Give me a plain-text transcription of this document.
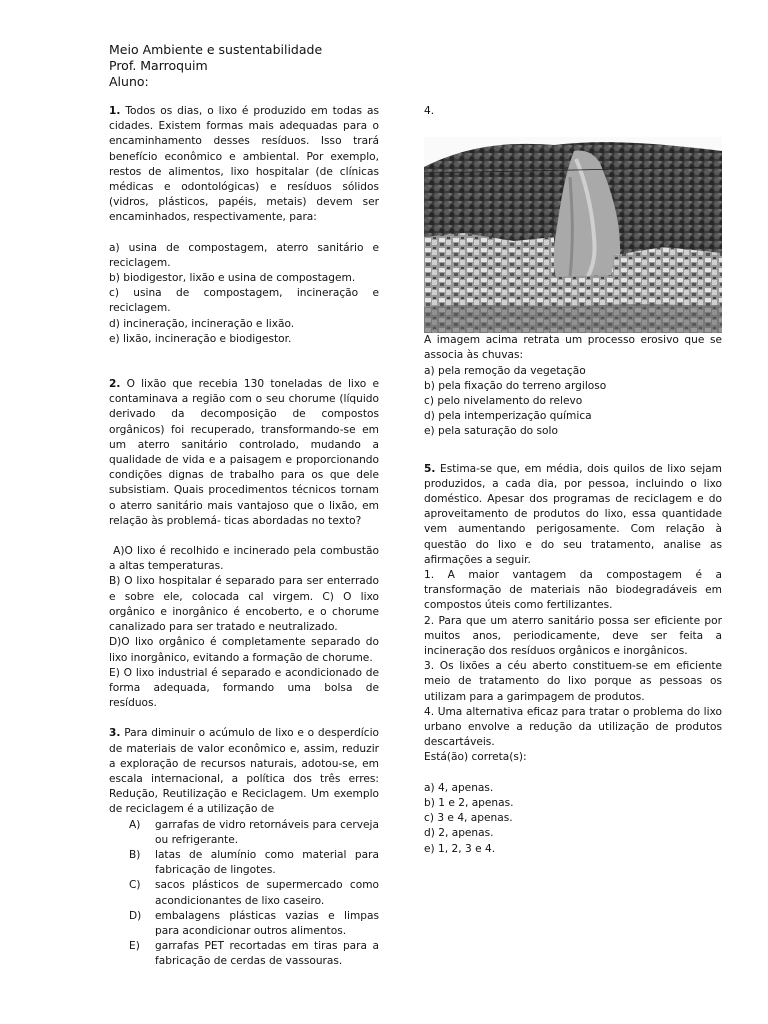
Meio Ambiente e sustentabilidade
Prof. Marroquim
Aluno:

1. Todos os dias, o lixo é produzido em todas as cidades. Existem formas mais adequadas para o encaminhamento desses resíduos. Isso trará benefício econômico e ambiental. Por exemplo, restos de alimentos, lixo hospitalar (de clínicas médicas e odontológicas) e resíduos sólidos (vidros, plásticos, papéis, metais) devem ser encaminhados, respectivamente, para:

a) usina de compostagem, aterro sanitário e reciclagem.

b) biodigestor, lixão e usina de compostagem.

c) usina de compostagem, incineração e reciclagem.

d) incineração, incineração e lixão.

e) lixão, incineração e biodigestor.

2. O lixão que recebia 130 toneladas de lixo e contaminava a região com o seu chorume (líquido derivado da decomposição de compostos orgânicos) foi recuperado, transformando-se em um aterro sanitário controlado, mudando a qualidade de vida e a paisagem e proporcionando condições dignas de trabalho para os que dele subsistiam. Quais procedimentos técnicos tornam o aterro sanitário mais vantajoso que o lixão, em relação às problemá- ticas abordadas no texto?

A)O lixo é recolhido e incinerado pela combustão a altas temperaturas.

B) O lixo hospitalar é separado para ser enterrado e sobre ele, colocada cal virgem. C) O lixo orgânico e inorgânico é encoberto, e o chorume canalizado para ser tratado e neutralizado.

D)O lixo orgânico é completamente separado do lixo inorgânico, evitando a formação de chorume.

E) O lixo industrial é separado e acondicionado de forma adequada, formando uma bolsa de resíduos.

3. Para diminuir o acúmulo de lixo e o desperdício de materiais de valor econômico e, assim, reduzir a exploração de recursos naturais, adotou-se, em escala internacional, a política dos três erres: Redução, Reutilização e Reciclagem. Um exemplo de reciclagem é a utilização de

A)	garrafas de vidro retornáveis para cerveja ou refrigerante.
B)	latas de alumínio como material para fabricação de lingotes.
C)	sacos plásticos de supermercado como acondicionantes de lixo caseiro.
D)	embalagens plásticas vazias e limpas para acondicionar outros alimentos.
E)	garrafas PET recortadas em tiras para a fabricação de cerdas de vassouras.
4.

A imagem acima retrata um processo erosivo que se associa às chuvas:

a) pela remoção da vegetação

b) pela fixação do terreno argiloso

c) pelo nivelamento do relevo

d) pela intemperização química

e) pela saturação do solo

5. Estima-se que, em média, dois quilos de lixo sejam produzidos, a cada dia, por pessoa, incluindo o lixo doméstico. Apesar dos programas de reciclagem e do aproveitamento de produtos do lixo, essa quantidade vem aumentando perigosamente. Com relação à questão do lixo e do seu tratamento, analise as afirmações a seguir.

1. A maior vantagem da compostagem é a transformação de materiais não biodegradáveis em compostos úteis como fertilizantes.

2. Para que um aterro sanitário possa ser eficiente por muitos anos, periodicamente, deve ser feita a incineração dos resíduos orgânicos e inorgânicos.

3. Os lixões a céu aberto constituem-se em eficiente meio de tratamento do lixo porque as pessoas os utilizam para a garimpagem de produtos.

4. Uma alternativa eficaz para tratar o problema do lixo urbano envolve a redução da utilização de produtos descartáveis.

Está(ão) correta(s):

a) 4, apenas.

b) 1 e 2, apenas.

c) 3 e 4, apenas.

d) 2, apenas.

e) 1, 2, 3 e 4.
